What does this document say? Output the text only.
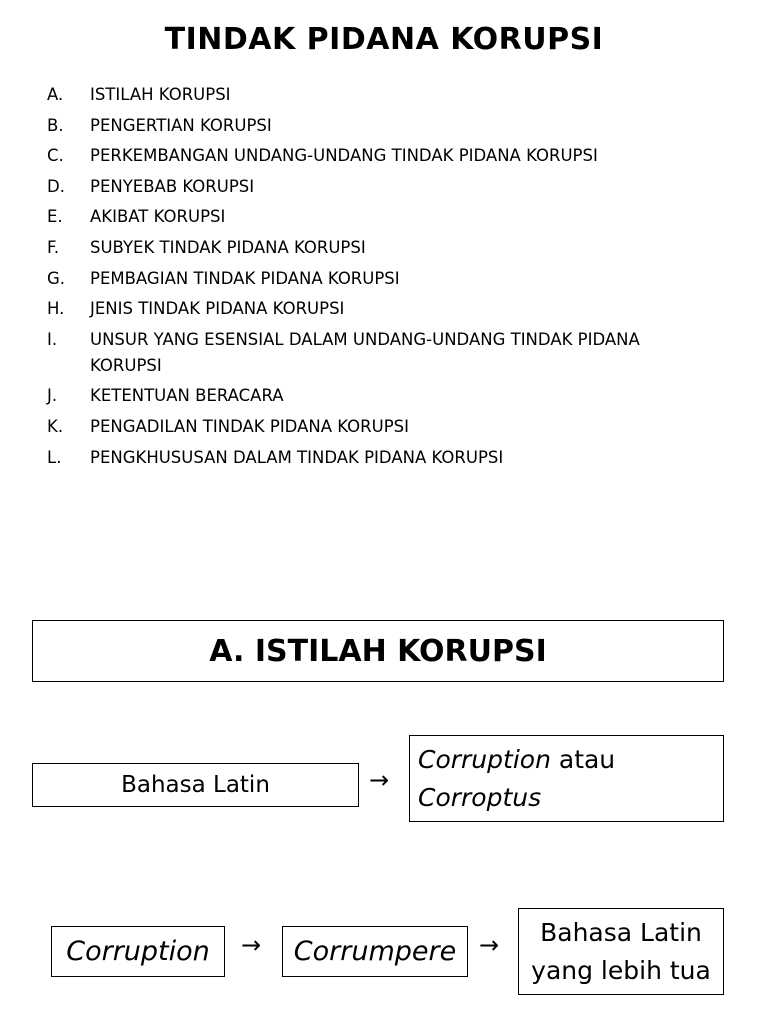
TINDAK PIDANA KORUPSI
A.	ISTILAH KORUPSI
B.	PENGERTIAN KORUPSI
C.	PERKEMBANGAN UNDANG-UNDANG TINDAK PIDANA KORUPSI
D.	PENYEBAB KORUPSI
E.	AKIBAT KORUPSI
F.	SUBYEK TINDAK PIDANA KORUPSI
G.	PEMBAGIAN TINDAK PIDANA KORUPSI
H.	JENIS TINDAK PIDANA KORUPSI
I.	UNSUR YANG ESENSIAL DALAM UNDANG-UNDANG TINDAK PIDANA KORUPSI
J.	KETENTUAN BERACARA
K.	PENGADILAN TINDAK PIDANA KORUPSI
L.	PENGKHUSUSAN DALAM TINDAK PIDANA KORUPSI
A. ISTILAH KORUPSI
Bahasa Latin	→
Corruption atau
Corroptus
Corruption → Corrumpere →	Bahasa Latin
yang lebih tua
